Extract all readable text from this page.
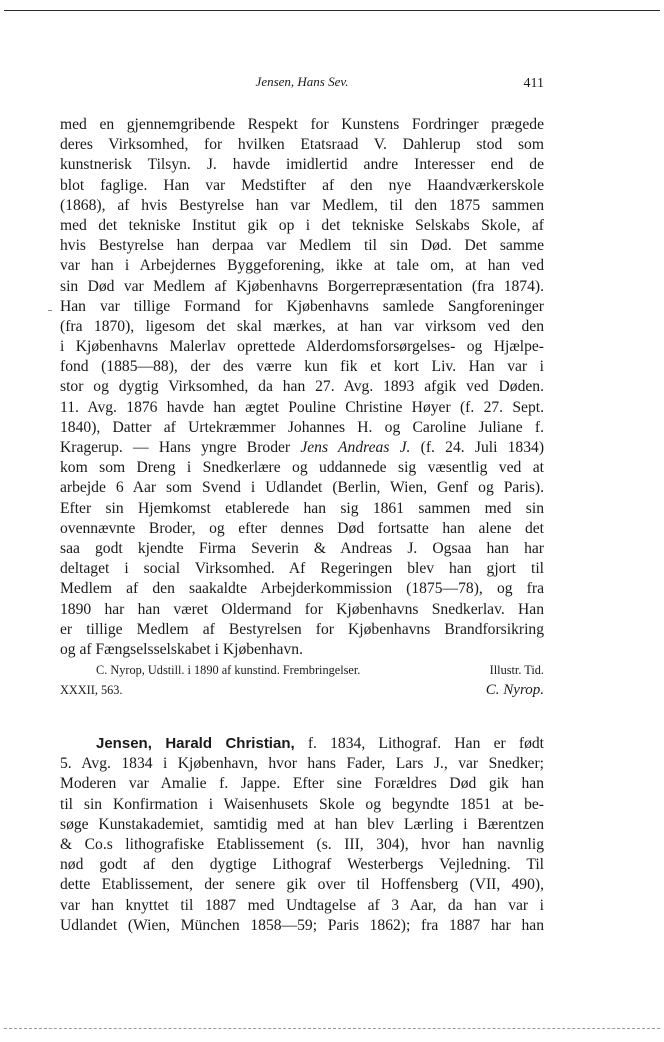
Jensen, Hans Sev.	411
med en gjennemgribende Respekt for Kunstens Fordringer prægede
deres Virksomhed, for hvilken Etatsraad V. Dahlerup stod som
kunstnerisk Tilsyn. J. havde imidlertid andre Interesser end de
blot faglige. Han var Medstifter af den nye Haandværkerskole
(1868), af hvis Bestyrelse han var Medlem, til den 1875 sammen
med det tekniske Institut gik op i det tekniske Selskabs Skole, af
hvis Bestyrelse han derpaa var Medlem til sin Død. Det samme
var han i Arbejdernes Byggeforening, ikke at tale om, at han ved
sin Død var Medlem af Kjøbenhavns Borgerrepræsentation (fra 1874).
Han var tillige Formand for Kjøbenhavns samlede Sangforeninger
(fra 1870), ligesom det skal mærkes, at han var virksom ved den
i Kjøbenhavns Malerlav oprettede Alderdomsforsørgelses- og Hjælpe-
fond (1885—88), der des værre kun fik et kort Liv. Han var i
stor og dygtig Virksomhed, da han 27. Avg. 1893 afgik ved Døden.
11. Avg. 1876 havde han ægtet Pouline Christine Høyer (f. 27. Sept.
1840), Datter af Urtekræmmer Johannes H. og Caroline Juliane f.
Kragerup. — Hans yngre Broder Jens Andreas J. (f. 24. Juli 1834)
kom som Dreng i Snedkerlære og uddannede sig væsentlig ved at
arbejde 6 Aar som Svend i Udlandet (Berlin, Wien, Genf og Paris).
Efter sin Hjemkomst etablerede han sig 1861 sammen med sin
ovennævnte Broder, og efter dennes Død fortsatte han alene det
saa godt kjendte Firma Severin & Andreas J. Ogsaa han har
deltaget i social Virksomhed. Af Regeringen blev han gjort til
Medlem af den saakaldte Arbejderkommission (1875—78), og fra
1890 har han været Oldermand for Kjøbenhavns Snedkerlav. Han
er tillige Medlem af Bestyrelsen for Kjøbenhavns Brandforsikring
og af Fængselsselskabet i Kjøbenhavn.
C. Nyrop, Udstill. i 1890 af kunstind. Frembringelser.	Illustr. Tid.
XXXII, 563.	C. Nyrop.
Jensen, Harald Christian, f. 1834, Lithograf. Han er født
5. Avg. 1834 i Kjøbenhavn, hvor hans Fader, Lars J., var Snedker;
Moderen var Amalie f. Jappe. Efter sine Forældres Død gik han
til sin Konfirmation i Waisenhusets Skole og begyndte 1851 at be-
søge Kunstakademiet, samtidig med at han blev Lærling i Bærentzen
& Co.s lithografiske Etablissement (s. III, 304), hvor han navnlig
nød godt af den dygtige Lithograf Westerbergs Vejledning. Til
dette Etablissement, der senere gik over til Hoffensberg (VII, 490),
var han knyttet til 1887 med Undtagelse af 3 Aar, da han var i
Udlandet (Wien, München 1858—59; Paris 1862); fra 1887 har han
